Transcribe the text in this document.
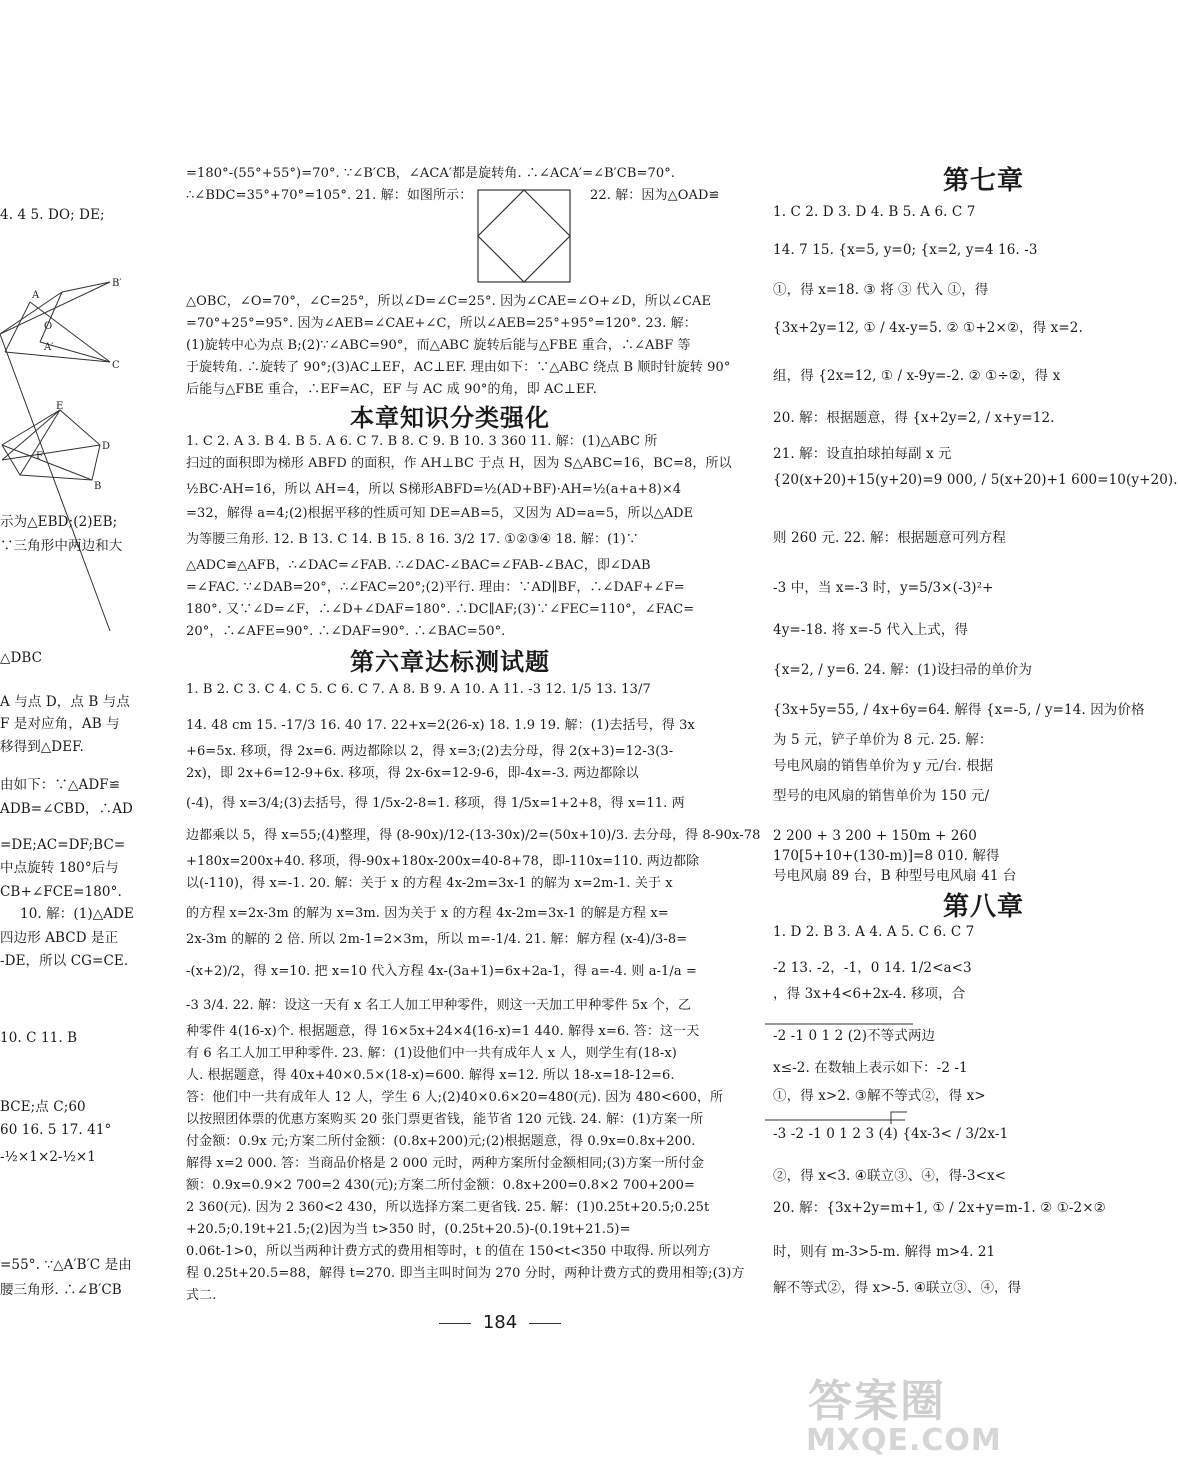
4. 4 5. DO; DE;
A
B′
O
C
A′
E
D
B
F
示为△EBD;(2)EB;
∵三角形中两边和大
△DBC
A 与点 D，点 B 与点
F 是对应角，AB 与
移得到△DEF.
由如下：∵△ADF≌
ADB=∠CBD，∴AD
=DE;AC=DF;BC=
中点旋转 180°后与
CB+∠FCE=180°.
10. 解：(1)△ADE
四边形 ABCD 是正
-DE，所以 CG=CE.
10. C 11. B
BCE;点 C;60
60 16. 5 17. 41°
-½×1×2-½×1
=55°. ∵△A′B′C 是由
腰三角形. ∴∠B′CB
=180°-(55°+55°)=70°. ∵∠B′CB，∠ACA′都是旋转角. ∴∠ACA′=∠B′CB=70°.
∴∠BDC=35°+70°=105°. 21. 解：如图所示：	22. 解：因为△OAD≌
△OBC，∠O=70°，∠C=25°，所以∠D=∠C=25°. 因为∠CAE=∠O+∠D，所以∠CAE
=70°+25°=95°. 因为∠AEB=∠CAE+∠C，所以∠AEB=25°+95°=120°. 23. 解：
(1)旋转中心为点 B;(2)∵∠ABC=90°，而△ABC 旋转后能与△FBE 重合，∴∠ABF 等
于旋转角. ∴旋转了 90°;(3)AC⊥EF，AC⊥EF. 理由如下：∵△ABC 绕点 B 顺时针旋转 90°
后能与△FBE 重合，∴EF=AC，EF 与 AC 成 90°的角，即 AC⊥EF.
本章知识分类强化
1. C 2. A 3. B 4. B 5. A 6. C 7. B 8. C 9. B 10. 3 360 11. 解：(1)△ABC 所
扫过的面积即为梯形 ABFD 的面积，作 AH⊥BC 于点 H，因为 S△ABC=16，BC=8，所以
½BC·AH=16，所以 AH=4，所以 S梯形ABFD=½(AD+BF)·AH=½(a+a+8)×4
=32，解得 a=4;(2)根据平移的性质可知 DE=AB=5，又因为 AD=a=5，所以△ADE
为等腰三角形. 12. B 13. C 14. B 15. 8 16. 3/2 17. ①②③④ 18. 解：(1)∵
△ADC≌△AFB，∴∠DAC=∠FAB. ∴∠DAC-∠BAC=∠FAB-∠BAC，即∠DAB
=∠FAC. ∵∠DAB=20°，∴∠FAC=20°;(2)平行. 理由：∵AD∥BF，∴∠DAF+∠F=
180°. 又∵∠D=∠F，∴∠D+∠DAF=180°. ∴DC∥AF;(3)∵∠FEC=110°，∠FAC=
20°，∴∠AFE=90°. ∴∠DAF=90°. ∴∠BAC=50°.
第六章达标测试题
1. B 2. C 3. C 4. C 5. C 6. C 7. A 8. B 9. A 10. A 11. -3 12. 1/5 13. 13/7
14. 48 cm 15. -17/3 16. 40 17. 22+x=2(26-x) 18. 1.9 19. 解：(1)去括号，得 3x
+6=5x. 移项，得 2x=6. 两边都除以 2，得 x=3;(2)去分母，得 2(x+3)=12-3(3-
2x)，即 2x+6=12-9+6x. 移项，得 2x-6x=12-9-6，即-4x=-3. 两边都除以
(-4)，得 x=3/4;(3)去括号，得 1/5x-2-8=1. 移项，得 1/5x=1+2+8，得 x=11. 两
边都乘以 5，得 x=55;(4)整理，得 (8-90x)/12-(13-30x)/2=(50x+10)/3. 去分母，得 8-90x-78
+180x=200x+40. 移项，得-90x+180x-200x=40-8+78，即-110x=110. 两边都除
以(-110)，得 x=-1. 20. 解：关于 x 的方程 4x-2m=3x-1 的解为 x=2m-1. 关于 x
的方程 x=2x-3m 的解为 x=3m. 因为关于 x 的方程 4x-2m=3x-1 的解是方程 x=
2x-3m 的解的 2 倍. 所以 2m-1=2×3m，所以 m=-1/4. 21. 解：解方程 (x-4)/3-8=
-(x+2)/2，得 x=10. 把 x=10 代入方程 4x-(3a+1)=6x+2a-1，得 a=-4. 则 a-1/a =
-3 3/4. 22. 解：设这一天有 x 名工人加工甲种零件，则这一天加工甲种零件 5x 个，乙
种零件 4(16-x)个. 根据题意，得 16×5x+24×4(16-x)=1 440. 解得 x=6. 答：这一天
有 6 名工人加工甲种零件. 23. 解：(1)设他们中一共有成年人 x 人，则学生有(18-x)
人. 根据题意，得 40x+40×0.5×(18-x)=600. 解得 x=12. 所以 18-x=18-12=6.
答：他们中一共有成年人 12 人，学生 6 人;(2)40×0.6×20=480(元). 因为 480<600，所
以按照团体票的优惠方案购买 20 张门票更省钱，能节省 120 元钱. 24. 解：(1)方案一所
付金额：0.9x 元;方案二所付金额：(0.8x+200)元;(2)根据题意，得 0.9x=0.8x+200.
解得 x=2 000. 答：当商品价格是 2 000 元时，两种方案所付金额相同;(3)方案一所付金
额：0.9x=0.9×2 700=2 430(元);方案二所付金额：0.8x+200=0.8×2 700+200=
2 360(元). 因为 2 360<2 430，所以选择方案二更省钱. 25. 解：(1)0.25t+20.5;0.25t
+20.5;0.19t+21.5;(2)因为当 t>350 时，(0.25t+20.5)-(0.19t+21.5)=
0.06t-1>0，所以当两种计费方式的费用相等时，t 的值在 150<t<350 中取得. 所以列方
程 0.25t+20.5=88，解得 t=270. 即当主叫时间为 270 分时，两种计费方式的费用相等;(3)方
式二.
第七章
1. C 2. D 3. D 4. B 5. A 6. C 7
14. 7 15. {x=5, y=0; {x=2, y=4 16. -3
①，得 x=18. ③ 将 ③ 代入 ①，得
{3x+2y=12, ① / 4x-y=5. ② ①+2×②，得 x=2.
组，得 {2x=12, ① / x-9y=-2. ② ①÷②，得 x
20. 解：根据题意，得 {x+2y=2, / x+y=12.
21. 解：设直拍球拍每副 x 元
{20(x+20)+15(y+20)=9 000, / 5(x+20)+1 600=10(y+20).
则 260 元. 22. 解：根据题意可列方程
-3 中，当 x=-3 时，y=5/3×(-3)²+
4y=-18. 将 x=-5 代入上式，得
{x=2, / y=6. 24. 解：(1)设扫帚的单价为
{3x+5y=55, / 4x+6y=64. 解得 {x=-5, / y=14. 因为价格
为 5 元，铲子单价为 8 元. 25. 解：
号电风扇的销售单价为 y 元/台. 根据
型号的电风扇的销售单价为 150 元/
2 200 + 3 200 + 150m + 260
170[5+10+(130-m)]=8 010. 解得
号电风扇 89 台，B 种型号电风扇 41 台
第八章
1. D 2. B 3. A 4. A 5. C 6. C 7
-2 13. -2，-1，0 14. 1/2<a<3
，得 3x+4<6+2x-4. 移项，合
-2 -1 0 1 2 (2)不等式两边
x≤-2. 在数轴上表示如下：-2 -1
①，得 x>2. ③解不等式②，得 x>
-3 -2 -1 0 1 2 3 (4) {4x-3< / 3/2x-1
②，得 x<3. ④联立③、④，得-3<x<
20. 解：{3x+2y=m+1, ① / 2x+y=m-1. ② ①-2×②
时，则有 m-3>5-m. 解得 m>4. 21
解不等式②，得 x>-5. ④联立③、④，得
184
答案圈
MXQE.COM
